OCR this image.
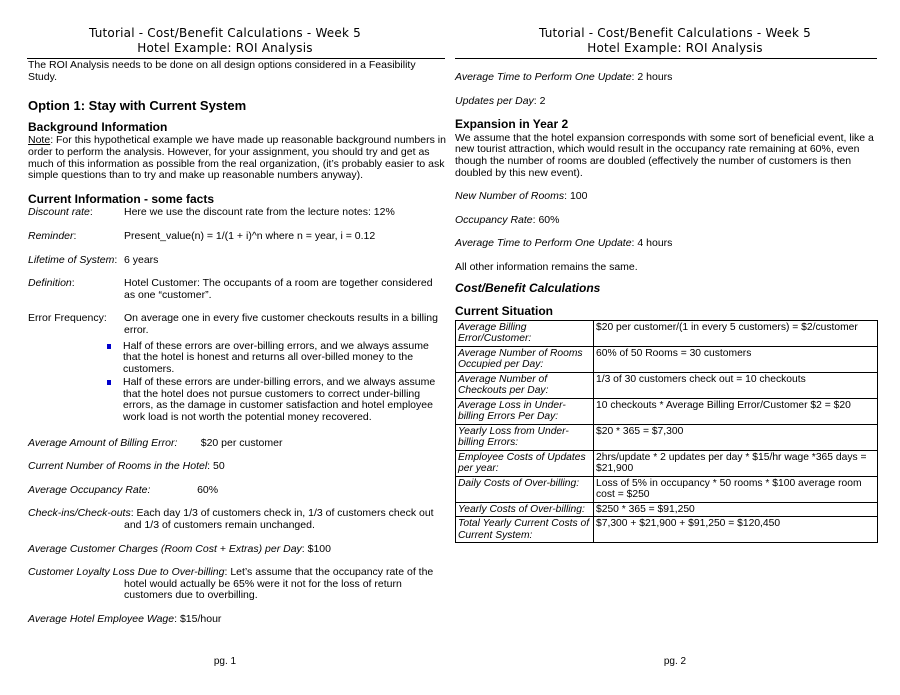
Tutorial - Cost/Benefit Calculations - Week 5
Hotel Example: ROI Analysis

The ROI Analysis needs to be done on all design options considered in a Feasibility Study.

Option 1: Stay with Current System

Background Information

Note: For this hypothetical example we have made up reasonable background numbers in order to perform the analysis. However, for your assignment, you should try and get as much of this information as possible from the real organization, (it’s probably easier to ask simple questions than to try and make up reasonable numbers anyway).

Current Information - some facts

Discount rate:	Here we use the discount rate from the lecture notes: 12%
Reminder:	Present_value(n) = 1/(1 + i)^n where n = year, i = 0.12
Lifetime of System: 6 years
Definition:	Hotel Customer: The occupants of a room are together considered as one “customer”.
Error Frequency:	On average one in every five customer checkouts results in a billing error.
Half of these errors are over-billing errors, and we always assume that the hotel is honest and returns all over-billed money to the customers.
Half of these errors are under-billing errors, and we always assume that the hotel does not pursue customers to correct under-billing errors, as the damage in customer satisfaction and hotel employee work load is not worth the potential money recovered.

Average Amount of Billing Error: $20 per customer

Current Number of Rooms in the Hotel: 50

Average Occupancy Rate:	60%

Check-ins/Check-outs: Each day 1/3 of customers check in, 1/3 of customers check out and 1/3 of customers remain unchanged.

Average Customer Charges (Room Cost + Extras) per Day: $100

Customer Loyalty Loss Due to Over-billing: Let’s assume that the occupancy rate of the hotel would actually be 65% were it not for the loss of return customers due to overbilling.

Average Hotel Employee Wage: $15/hour

pg. 1
Tutorial - Cost/Benefit Calculations - Week 5
Hotel Example: ROI Analysis

Average Time to Perform One Update: 2 hours

Updates per Day: 2

Expansion in Year 2

We assume that the hotel expansion corresponds with some sort of beneficial event, like a new tourist attraction, which would result in the occupancy rate remaining at 60%, even though the number of rooms are doubled (effectively the number of customers is then doubled by this new event).

New Number of Rooms: 100

Occupancy Rate: 60%

Average Time to Perform One Update: 4 hours

All other information remains the same.

Cost/Benefit Calculations

Current Situation

Average Billing Error/Customer:	$20 per customer/(1 in every 5 customers) = $2/customer
Average Number of Rooms Occupied per Day:	60% of 50 Rooms = 30 customers
Average Number of Checkouts per Day:	1/3 of 30 customers check out = 10 checkouts
Average Loss in Under-billing Errors Per Day:	10 checkouts * Average Billing Error/Customer $2 = $20
Yearly Loss from Under-billing Errors:	$20 * 365 = $7,300
Employee Costs of Updates per year:	2hrs/update * 2 updates per day * $15/hr wage *365 days = $21,900
Daily Costs of Over-billing:	Loss of 5% in occupancy * 50 rooms * $100 average room cost = $250
Yearly Costs of Over-billing:	$250 * 365 = $91,250
Total Yearly Current Costs of Current System:	$7,300 + $21,900 + $91,250 = $120,450
pg. 2
